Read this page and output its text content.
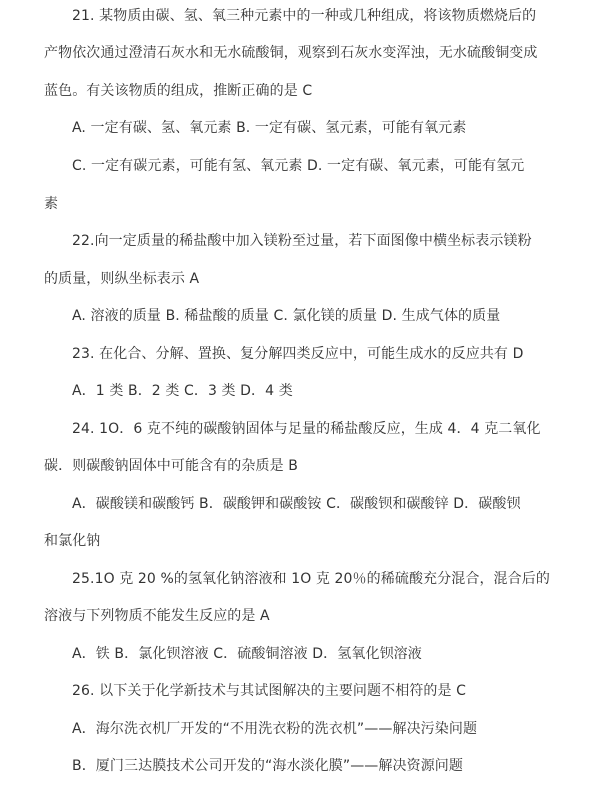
21. 某物质由碳、氢、氧三种元素中的一种或几种组成，将该物质燃烧后的
产物依次通过澄清石灰水和无水硫酸铜，观察到石灰水变浑浊，无水硫酸铜变成
蓝色。有关该物质的组成，推断正确的是 C
A. 一定有碳、氢、氧元素 B. 一定有碳、氢元素，可能有氧元素
C. 一定有碳元素，可能有氢、氧元素 D. 一定有碳、氧元素，可能有氢元
素
22.向一定质量的稀盐酸中加入镁粉至过量，若下面图像中横坐标表示镁粉
的质量，则纵坐标表示 A
A. 溶液的质量 B. 稀盐酸的质量 C. 氯化镁的质量 D. 生成气体的质量
23. 在化合、分解、置换、复分解四类反应中，可能生成水的反应共有 D
A．1 类 B．2 类 C．3 类 D．4 类
24. 1O．6 克不纯的碳酸钠固体与足量的稀盐酸反应，生成 4．4 克二氧化
碳．则碳酸钠固体中可能含有的杂质是 B
A．碳酸镁和碳酸钙 B．碳酸钾和碳酸铵 C．碳酸钡和碳酸锌 D．碳酸钡
和氯化钠
25.1O 克 20 %的氢氧化钠溶液和 1O 克 20％的稀硫酸充分混合，混合后的
溶液与下列物质不能发生反应的是 A
A．铁 B．氯化钡溶液 C．硫酸铜溶液 D．氢氧化钡溶液
26. 以下关于化学新技术与其试图解决的主要问题不相符的是 C
A．海尔洗衣机厂开发的“不用洗衣粉的洗衣机”——解决污染问题
B．厦门三达膜技术公司开发的“海水淡化膜”——解决资源问题
